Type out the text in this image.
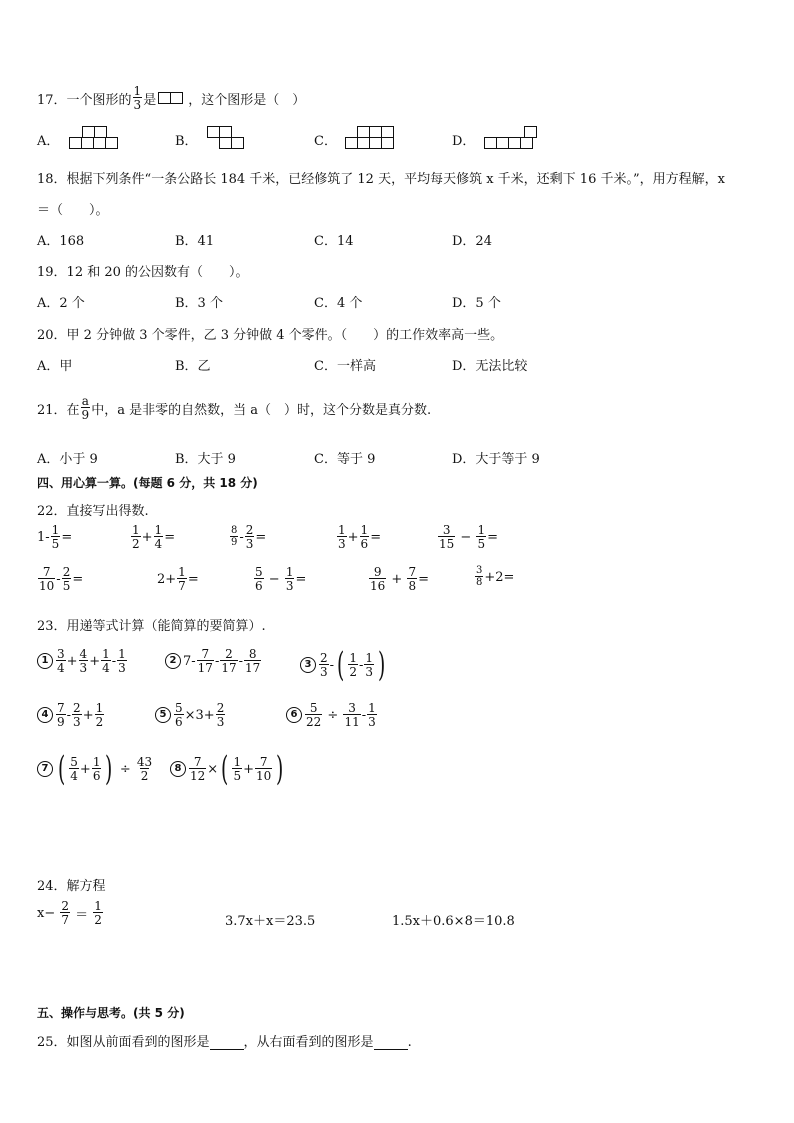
17．一个图形的 $\frac{1}{3}$ 是 ，这个图形是（　）
A．	B．	C．	D．
18．根据下列条件“一条公路长 184 千米，已经修筑了 12 天，平均每天修筑 x 千米，还剩下 16 千米。”，用方程解，x
＝（　　）。
A．168	B．41	C．14	D．24
19．12 和 20 的公因数有（　　）。
A．2 个	B．3 个	C．4 个	D．5 个
20．甲 2 分钟做 3 个零件，乙 3 分钟做 4 个零件。（　　）的工作效率高一些。
A．甲	B．乙	C．一样高	D．无法比较
21．在 $\frac{a}{9}$ 中，a 是非零的自然数，当 a（　）时，这个分数是真分数.
A．小于 9	B．大于 9	C．等于 9	D．大于等于 9
四、用心算一算。(每题 6 分，共 18 分)
22．直接写出得数.
$1- \frac{1}{5}$ =	$\frac{1}{2} + \frac{1}{4}$ =	$\frac{8}{9} - \frac{2}{3}$ =	$\frac{1}{3} + \frac{1}{6}$ =	$\frac{3}{15} - \frac{1}{5}$ =
$\frac{7}{10} - \frac{2}{5}$ =	$2+ \frac{1}{7}$ =	$\frac{5}{6} - \frac{1}{3}$ =	$\frac{9}{16} + \frac{7}{8}$ =	$\frac{3}{8} +2=$
23．用递等式计算（能简算的要简算）.
$1 \frac{3}{4} + \frac{4}{3} + \frac{1}{4} - \frac{1}{3}$	2 $7- \frac{7}{17} - \frac{2}{17} - \frac{8}{17}$	$3 \frac{2}{3}$ - ( $\frac{1}{2} - \frac{1}{3}$ )
$4 \frac{7}{9} - \frac{2}{3} + \frac{1}{2}$	$5 \frac{5}{6} \times 3+ \frac{2}{3}$	$6 \frac{5}{22} \div \frac{3}{11} - \frac{1}{3}$
7 ( $\frac{5}{4} + \frac{1}{6}$ ) ÷ $\frac{43}{2}$	$8 \frac{7}{12}$ × ( $\frac{1}{5} + \frac{7}{10}$ )
24．解方程
$x- \frac{2}{7} = \frac{1}{2}$	3.7x＋x＝23.5	1.5x＋0.6×8＝10.8
五、操作与思考。(共 5 分)
25．如图从前面看到的图形是	，从右面看到的图形是	.
